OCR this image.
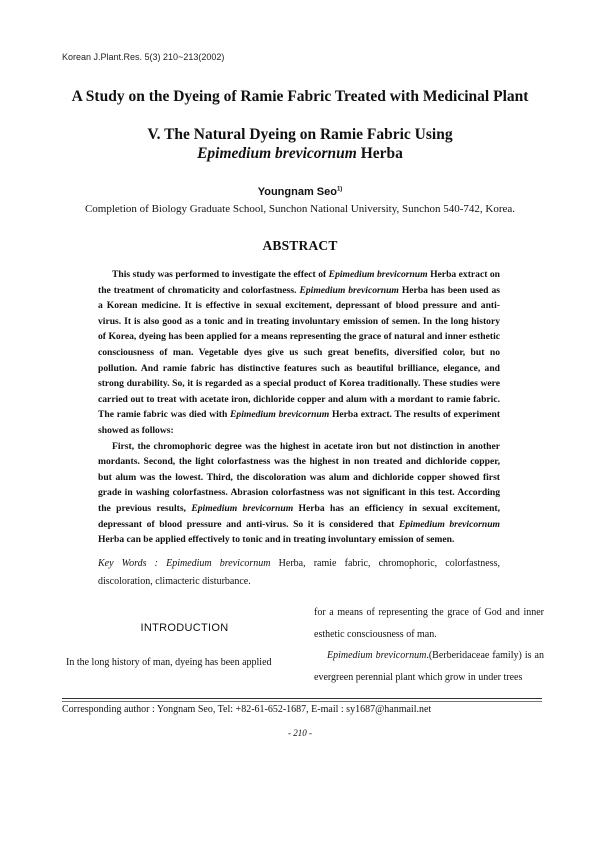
Korean J.Plant.Res. 5(3) 210~213(2002)
A Study on the Dyeing of Ramie Fabric Treated with Medicinal Plant
V. The Natural Dyeing on Ramie Fabric Using
Epimedium brevicornum Herba
Youngnam Seo$^{1)}$
Completion of Biology Graduate School, Sunchon National University, Sunchon 540-742, Korea.
ABSTRACT

This study was performed to investigate the effect of Epimedium brevicornum Herba extract on the treatment of chromaticity and colorfastness. Epimedium brevicornum Herba has been used as a Korean medicine. It is effective in sexual excitement, depressant of blood pressure and anti-virus. It is also good as a tonic and in treating involuntary emission of semen. In the long history of Korea, dyeing has been applied for a means representing the grace of natural and inner esthetic consciousness of man. Vegetable dyes give us such great benefits, diversified color, but no pollution. And ramie fabric has distinctive features such as beautiful brilliance, elegance, and strong durability. So, it is regarded as a special product of Korea traditionally. These studies were carried out to treat with acetate iron, dichloride copper and alum with a mordant to ramie fabric. The ramie fabric was died with Epimedium brevicornum Herba extract. The results of experiment showed as follows:

First, the chromophoric degree was the highest in acetate iron but not distinction in another mordants. Second, the light colorfastness was the highest in non treated and dichloride copper, but alum was the lowest. Third, the discoloration was alum and dichloride copper showed first grade in washing colorfastness. Abrasion colorfastness was not significant in this test. According the previous results, Epimedium brevicornum Herba has an efficiency in sexual excitement, depressant of blood pressure and anti-virus. So it is considered that Epimedium brevicornum Herba can be applied effectively to tonic and in treating involuntary emission of semen.

Key Words : Epimedium brevicornum Herba, ramie fabric, chromophoric, colorfastness, discoloration, climacteric disturbance.
INTRODUCTION

In the long history of man, dyeing has been applied

for a means of representing the grace of God and inner esthetic consciousness of man.

Epimedium brevicornum.(Berberidaceae family) is an evergreen perennial plant which grow in under trees

Corresponding author : Yongnam Seo, Tel: +82-61-652-1687, E-mail : sy1687@hanmail.net
- 210 -
